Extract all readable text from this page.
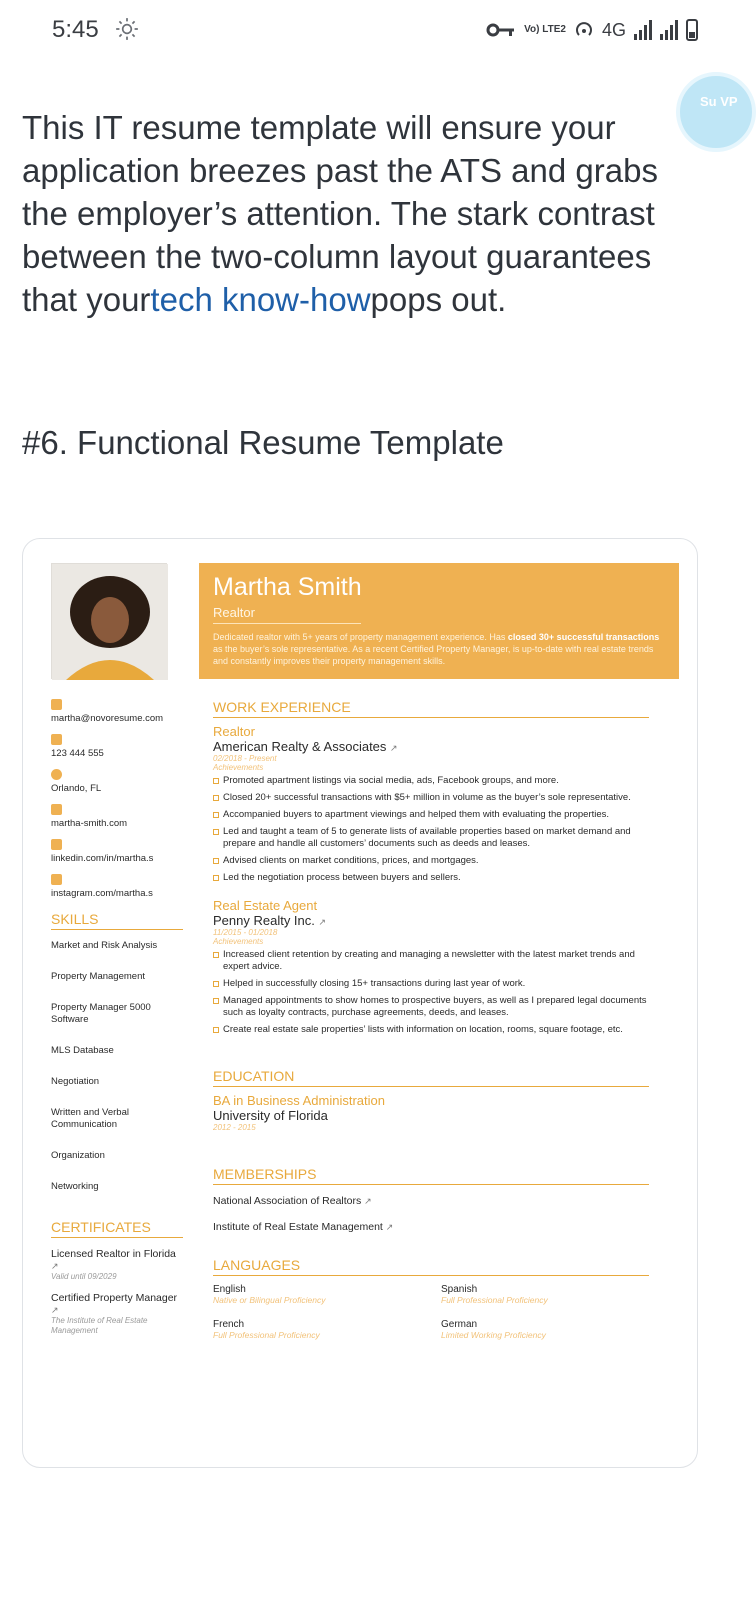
5:45	Vo) LTE2 4G
Su VP

This IT resume template will ensure your application breezes past the ATS and grabs the employer’s attention. The stark contrast between the two-column layout guarantees that yourtech know-howpops out.

#6. Functional Resume Template
Martha Smith
Realtor
Dedicated realtor with 5+ years of property management experience. Has closed 30+ successful transactions as the buyer’s sole representative. As a recent Certified Property Manager, is up-to-date with real estate trends and constantly improves their property management skills.
martha@novoresume.com
123 444 555
Orlando, FL
martha-smith.com
linkedin.com/in/martha.s
instagram.com/martha.s
SKILLS
Market and Risk Analysis
Property Management
Property Manager 5000 Software
MLS Database
Negotiation
Written and Verbal Communication
Organization
Networking
CERTIFICATES
Licensed Realtor in Florida ↗
Valid until 09/2029
Certified Property Manager ↗
The Institute of Real Estate Management
WORK EXPERIENCE
Realtor
American Realty & Associates ↗
02/2018 - Present
Achievements
Promoted apartment listings via social media, ads, Facebook groups, and more.
Closed 20+ successful transactions with $5+ million in volume as the buyer’s sole representative.
Accompanied buyers to apartment viewings and helped them with evaluating the properties.
Led and taught a team of 5 to generate lists of available properties based on market demand and prepare and handle all customers’ documents such as deeds and leases.
Advised clients on market conditions, prices, and mortgages.
Led the negotiation process between buyers and sellers.
Real Estate Agent
Penny Realty Inc. ↗
11/2015 - 01/2018
Achievements
Increased client retention by creating and managing a newsletter with the latest market trends and expert advice.
Helped in successfully closing 15+ transactions during last year of work.
Managed appointments to show homes to prospective buyers, as well as I prepared legal documents such as loyalty contracts, purchase agreements, deeds, and leases.
Create real estate sale properties’ lists with information on location, rooms, square footage, etc.
EDUCATION
BA in Business Administration
University of Florida
2012 - 2015
MEMBERSHIPS
National Association of Realtors ↗
Institute of Real Estate Management ↗
LANGUAGES
English
Native or Bilingual Proficiency
Spanish
Full Professional Proficiency
French
Full Professional Proficiency
German
Limited Working Proficiency
